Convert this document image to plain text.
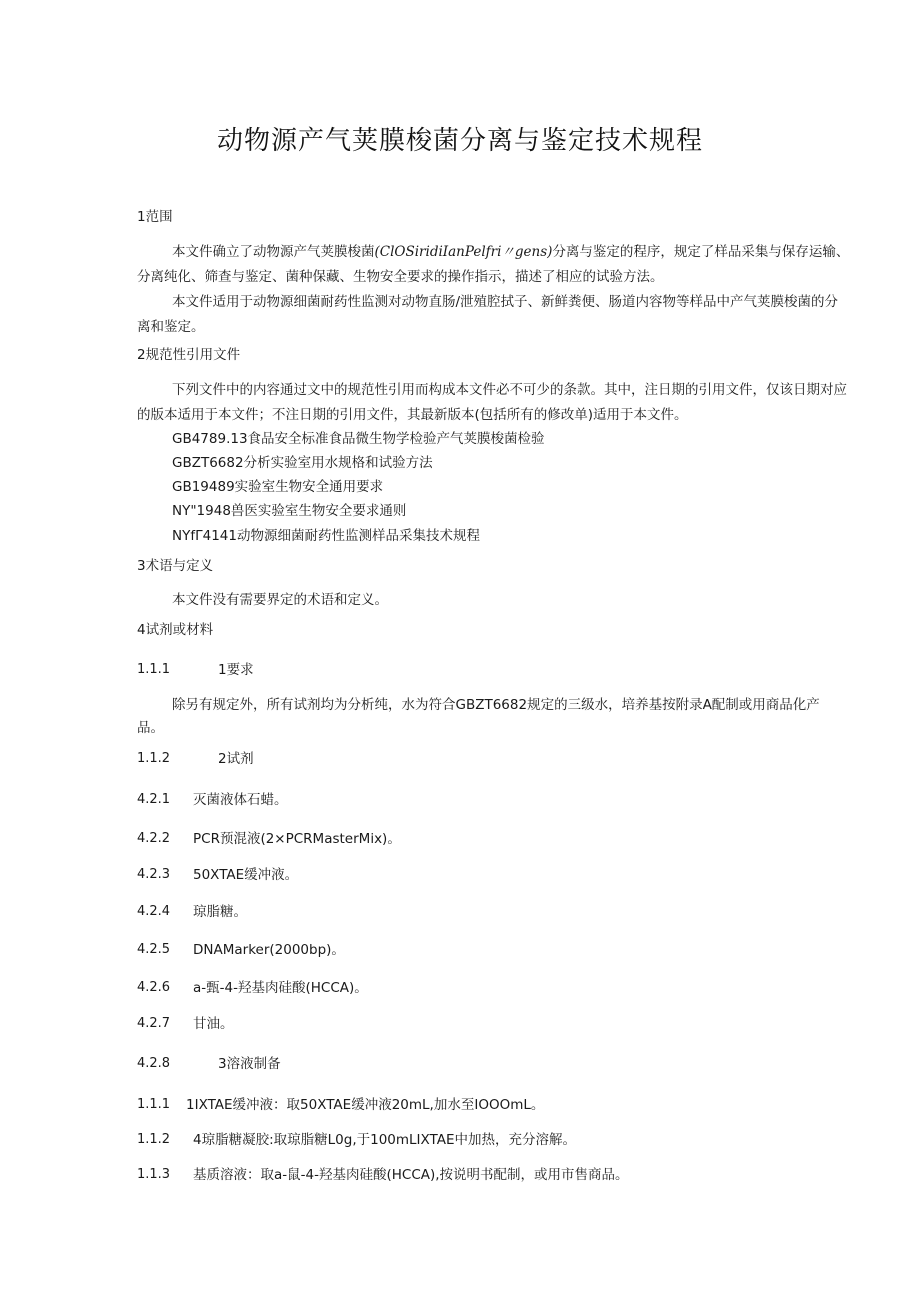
动物源产气荚膜梭菌分离与鉴定技术规程
1范围
本文件确立了动物源产气荚膜梭菌(ClOSiridiIanPelfri〃gens)分离与鉴定的程序，规定了样品采集与保存运输、
分离纯化、筛查与鉴定、菌种保藏、生物安全要求的操作指示，描述了相应的试验方法。
本文件适用于动物源细菌耐药性监测对动物直肠/泄殖腔拭子、新鲜粪便、肠道内容物等样品中产气荚膜梭菌的分
离和鉴定。
2规范性引用文件
下列文件中的内容通过文中的规范性引用而构成本文件必不可少的条款。其中，注日期的引用文件，仅该日期对应
的版本适用于本文件；不注日期的引用文件，其最新版本(包括所有的修改单)适用于本文件。
GB4789.13食品安全标准食品微生物学检验产气荚膜梭菌检验
GBZT6682分析实验室用水规格和试验方法
GB19489实验室生物安全通用要求
NY"1948兽医实验室生物安全要求通则
NYfΓ4141动物源细菌耐药性监测样品采集技术规程
3术语与定义
本文件没有需要界定的术语和定义。
4试剂或材料
1.1.1	1要求
除另有规定外，所有试剂均为分析纯，水为符合GBZT6682规定的三级水，培养基按附录A配制或用商品化产
品。
1.1.2	2试剂
4.2.1 灭菌液体石蜡。
4.2.2 PCR预混液(2×PCRMasterMix)。
4.2.3 50XTAE缓冲液。
4.2.4 琼脂糖。
4.2.5 DNAMarker(2000bp)。
4.2.6 a-甄-4-羟基肉硅酸(HCCA)。
4.2.7 甘油。
4.2.8	3溶液制备
1.1.1 1IXTAE缓冲液：取50XTAE缓冲液20mL,加水至IOOOmL。
1.1.2 4琼脂糖凝胶:取琼脂糖L0g,于100mLIXTAE中加热，充分溶解。
1.1.3 基质溶液：取a-鼠-4-羟基肉硅酸(HCCA),按说明书配制，或用市售商品。
